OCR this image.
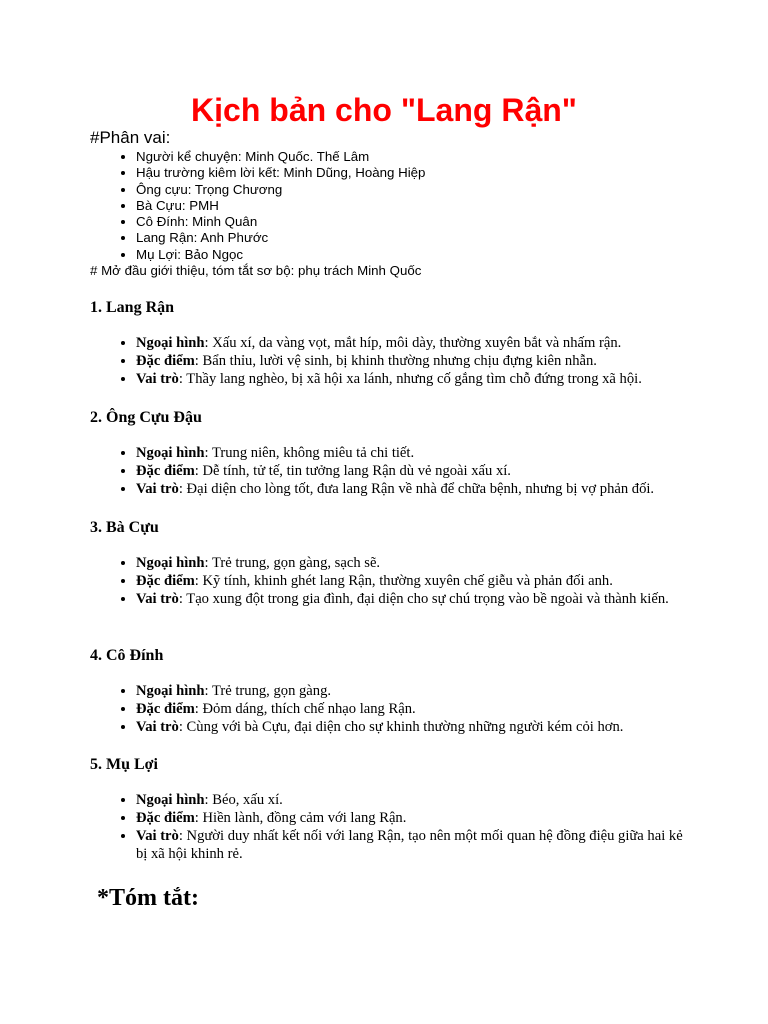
Kịch bản cho "Lang Rận"

#Phân vai:

• Người kể chuyện: Minh Quốc. Thế Lâm
• Hậu trường kiêm lời kết: Minh Dũng, Hoàng Hiệp
• Ông cựu: Trọng Chương
• Bà Cựu: PMH
• Cô Đính: Minh Quân
• Lang Rận: Anh Phước
• Mụ Lợi: Bảo Ngọc

# Mở đầu giới thiệu, tóm tắt sơ bộ: phụ trách Minh Quốc

1. Lang Rận
• Ngoại hình: Xấu xí, da vàng vọt, mắt híp, môi dày, thường xuyên bắt và nhấm rận.
• Đặc điểm: Bẩn thỉu, lười vệ sinh, bị khinh thường nhưng chịu đựng kiên nhẫn.
• Vai trò: Thầy lang nghèo, bị xã hội xa lánh, nhưng cố gắng tìm chỗ đứng trong xã hội.
2. Ông Cựu Đậu
• Ngoại hình: Trung niên, không miêu tả chi tiết.
• Đặc điểm: Dễ tính, tử tế, tin tưởng lang Rận dù vẻ ngoài xấu xí.
• Vai trò: Đại diện cho lòng tốt, đưa lang Rận về nhà để chữa bệnh, nhưng bị vợ phản đối.
3. Bà Cựu
• Ngoại hình: Trẻ trung, gọn gàng, sạch sẽ.
• Đặc điểm: Kỹ tính, khinh ghét lang Rận, thường xuyên chế giễu và phản đối anh.
• Vai trò: Tạo xung đột trong gia đình, đại diện cho sự chú trọng vào bề ngoài và thành kiến.
4. Cô Đính
• Ngoại hình: Trẻ trung, gọn gàng.
• Đặc điểm: Đỏm dáng, thích chế nhạo lang Rận.
• Vai trò: Cùng với bà Cựu, đại diện cho sự khinh thường những người kém cỏi hơn.
5. Mụ Lợi
• Ngoại hình: Béo, xấu xí.
• Đặc điểm: Hiền lành, đồng cảm với lang Rận.
• Vai trò: Người duy nhất kết nối với lang Rận, tạo nên một mối quan hệ đồng điệu giữa hai kẻ bị xã hội khinh rẻ.
*Tóm tắt:
